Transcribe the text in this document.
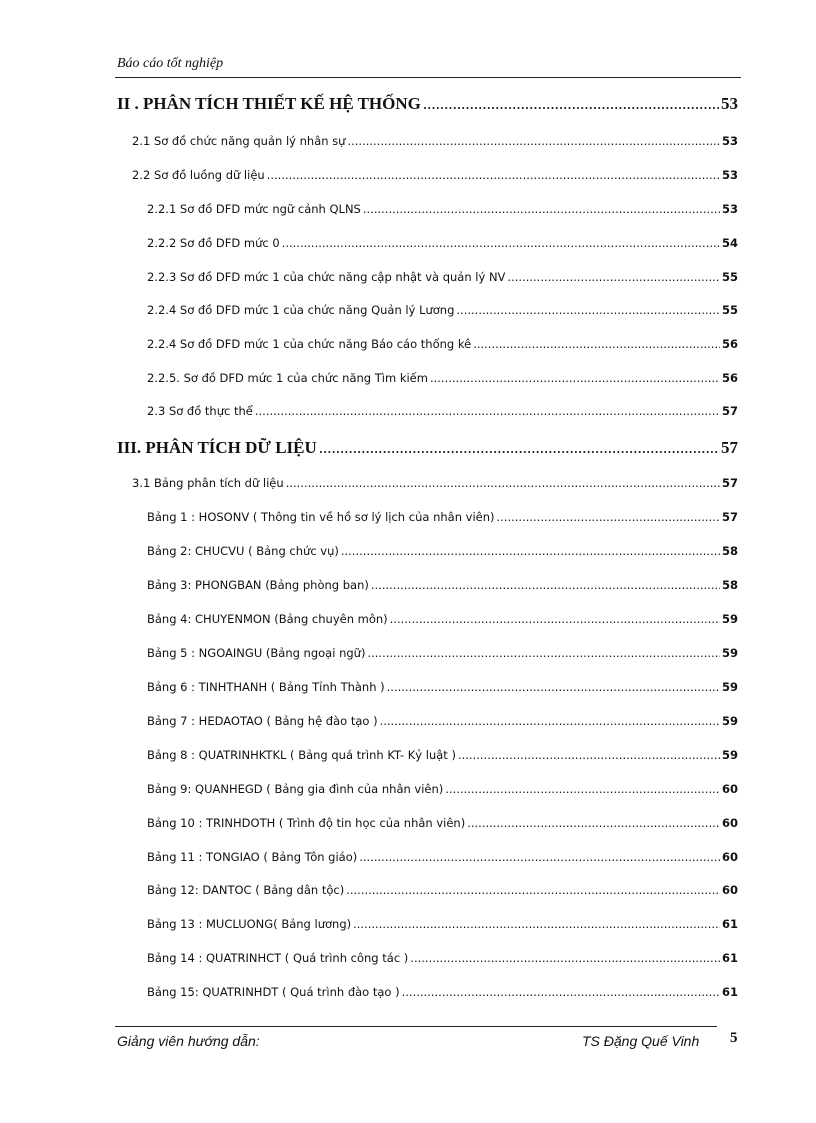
Báo cáo tốt nghiệp
II . PHÂN TÍCH THIẾT KẾ HỆ THỐNG .....	53
2.1 Sơ đồ chức năng quản lý nhân sự .....	53
2.2 Sơ đồ luồng dữ liệu .....	53
2.2.1 Sơ đồ DFD mức ngữ cảnh QLNS .....	53
2.2.2 Sơ đồ DFD mức 0 .....	54
2.2.3 Sơ đồ DFD mức 1 của chức năng cập nhật và quản lý NV .....	55
2.2.4 Sơ đồ DFD mức 1 của chức năng Quản lý Lương .....	55
2.2.4 Sơ đồ DFD mức 1 của chức năng Báo cáo thống kê .....	56
2.2.5. Sơ đồ DFD mức 1 của chức năng Tìm kiếm .....	56
2.3 Sơ đồ thực thể .....	57
III. PHÂN TÍCH DỮ LIỆU .....	57
3.1 Bảng phân tích dữ liệu .....	57
Bảng 1 : HOSONV ( Thông tin về hồ sơ lý lịch của nhân viên) .....	57
Bảng 2: CHUCVU ( Bảng chức vụ) .....	58
Bảng 3: PHONGBAN (Bảng phòng ban) .....	58
Bảng 4: CHUYENMON (Bảng chuyên môn) .....	59
Bảng 5 : NGOAINGU (Bảng ngoại ngữ) .....	59
Bảng 6 : TINHTHANH ( Bảng Tỉnh Thành ) .....	59
Bảng 7 : HEDAOTAO ( Bảng hệ đào tạo ) .....	59
Bảng 8 : QUATRINHKTKL ( Bảng quá trình KT- Kỷ luật ) .....	59
Bảng 9: QUANHEGD ( Bảng gia đình của nhân viên) .....	60
Bảng 10 : TRINHDOTH ( Trình độ tin học của nhân viên) .....	60
Bảng 11 : TONGIAO ( Bảng Tôn giáo) .....	60
Bảng 12: DANTOC ( Bảng dân tộc) .....	60
Bảng 13 : MUCLUONG( Bảng lương) .....	61
Bảng 14 : QUATRINHCT ( Quá trình công tác ) .....	61
Bảng 15: QUATRINHDT ( Quá trình đào tạo ) .....	61
Giảng viên hướng dẫn:	TS Đặng Quế Vinh 5
